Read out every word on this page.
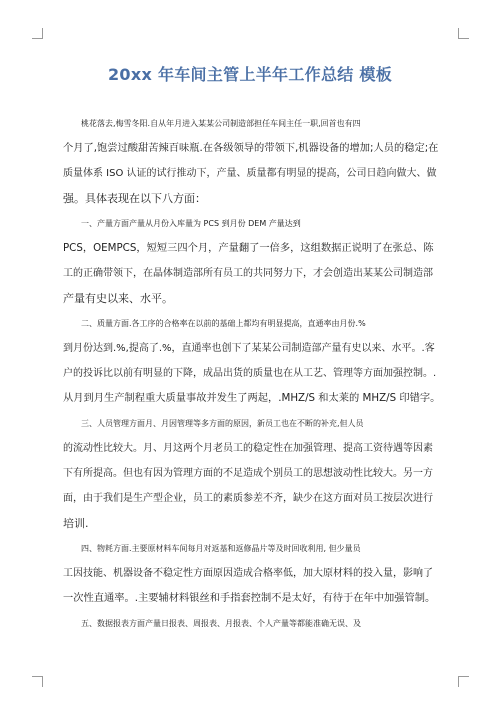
20xx 年车间主管上半年工作总结 模板

桃花落去,梅雪冬阳.自从年月进入某某公司制造部担任车间主任一职,回首也有四
个月了,饱尝过酸甜苦辣百味瓶.在各级领导的带领下,机器设备的增加;人员的稳定;在
质量体系 ISO 认证的试行推动下，产量、质量都有明显的提高，公司日趋向做大、做
强。具体表现在以下八方面：

一、产量方面产量从月份入库量为 PCS 到月份 DEM 产量达到
PCS，OEMPCS，短短三四个月，产量翻了一倍多，这组数据正说明了在张总、陈
工的正确带领下，在晶体制造部所有员工的共同努力下，才会创造出某某公司制造部
产量有史以来、水平。

二、质量方面.各工序的合格率在以前的基础上都均有明显提高，直通率由月份.%
到月份达到.%,提高了.%，直通率也创下了某某公司制造部产量有史以来、水平。.客
户的投诉比以前有明显的下降，成品出货的质量也在从工艺、管理等方面加强控制。.
从月到月生产制程重大质量事故并发生了两起，.MHZ/S 和太莱的 MHZ/S 印错字。

三、人员管理方面月、月因管理等多方面的原因，新员工也在不断的补充,但人员
的流动性比较大。月、月这两个月老员工的稳定性在加强管理、提高工资待遇等因素
下有所提高。但也有因为管理方面的不足造成个别员工的思想波动性比较大。另一方
面，由于我们是生产型企业，员工的素质参差不齐，缺少在这方面对员工按层次进行
培训.

四、物耗方面.主要原材料车间每月对返基和返修晶片等及时回收利用, 但少量员
工因技能、机器设备不稳定性方面原因造成合格率低，加大原材料的投入量，影响了
一次性直通率。.主要辅材料银丝和手指套控制不是太好，有待于在年中加强管制。

五、数据报表方面产量日报表、周报表、月报表、个人产量等都能准确无误、及
